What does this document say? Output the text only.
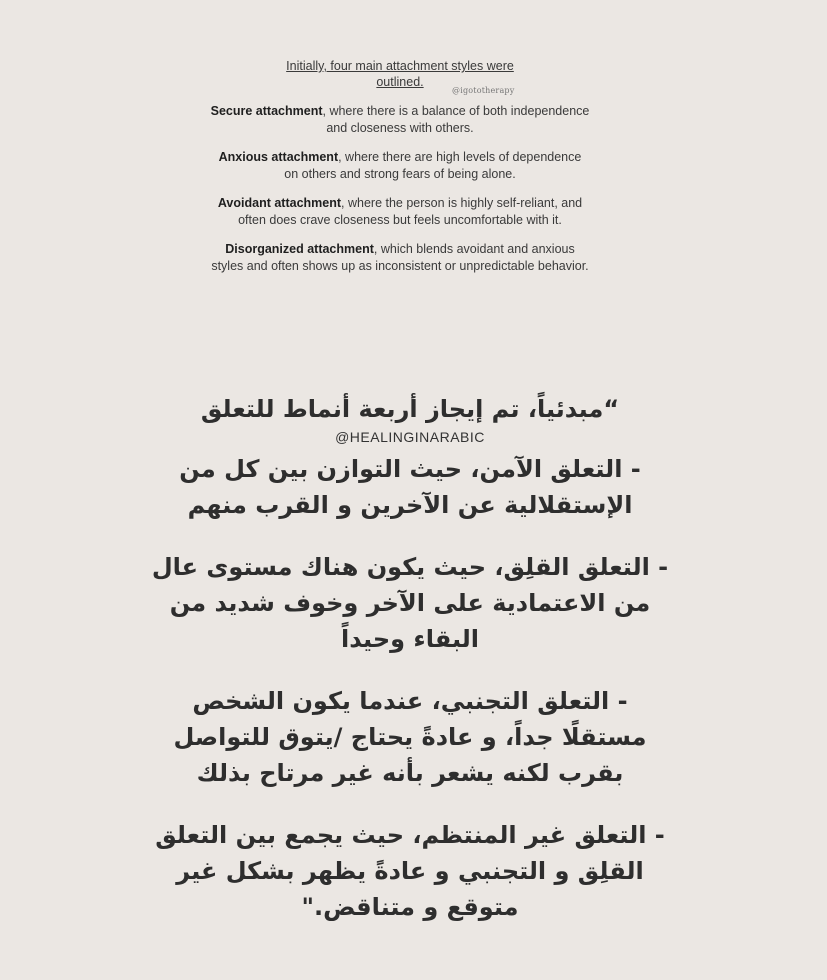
Initially, four main attachment styles were outlined.
Secure attachment, where there is a balance of both independence and closeness with others.
Anxious attachment, where there are high levels of dependence on others and strong fears of being alone.
Avoidant attachment, where the person is highly self-reliant, and often does crave closeness but feels uncomfortable with it.
Disorganized attachment, which blends avoidant and anxious styles and often shows up as inconsistent or unpredictable behavior.
@igototherapy
“مبدئياً، تم إيجاز أربعة أنماط للتعلق
@HEALINGINARABIC
- التعلق الآمن، حيث التوازن بين كل من الإستقلالية عن الآخرين و القرب منهم
- التعلق القلِق، حيث يكون هناك مستوى عال من الاعتمادية على الآخر وخوف شديد من البقاء وحيداً
- التعلق التجنبي، عندما يكون الشخص مستقلًا جداً، و عادةً يحتاج /يتوق للتواصل بقرب لكنه يشعر بأنه غير مرتاح بذلك
- التعلق غير المنتظم، حيث يجمع بين التعلق القلِق و التجنبي و عادةً يظهر بشكل غير متوقع و متناقض."
